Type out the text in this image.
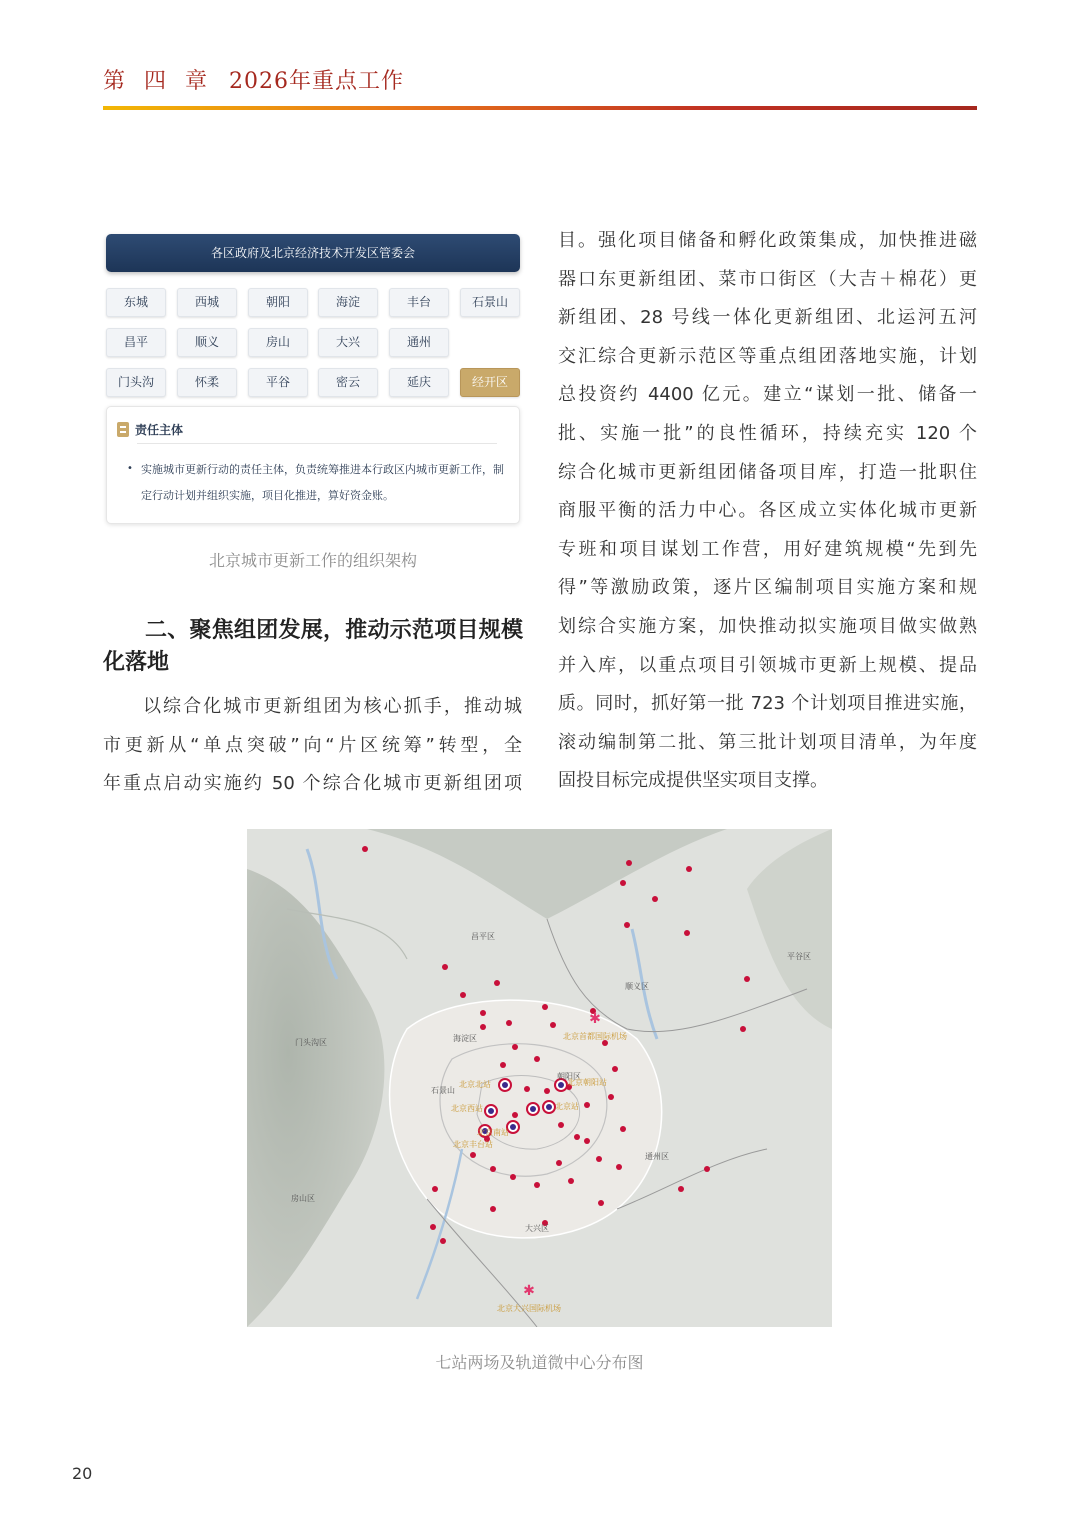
第 四 章 2026年重点工作
各区政府及北京经济技术开发区管委会
东城	西城	朝阳	海淀	丰台	石景山
昌平	顺义	房山	大兴	通州
门头沟	怀柔	平谷	密云	延庆	经开区
责任主体
• 实施城市更新行动的责任主体，负责统筹推进本行政区内城市更新工作，制定行动计划并组织实施，项目化推进，算好资金账。
北京城市更新工作的组织架构
二、聚焦组团发展，推动示范项目规模化落地
以综合化城市更新组团为核心抓手，推动城
市更新从“单点突破”向“片区统筹”转型，全
年重点启动实施约 50 个综合化城市更新组团项
目。强化项目储备和孵化政策集成，加快推进磁
器口东更新组团、菜市口街区（大吉＋棉花）更
新组团、28 号线一体化更新组团、北运河五河
交汇综合更新示范区等重点组团落地实施，计划
总投资约 4400 亿元。建立“谋划一批、储备一
批、实施一批”的良性循环，持续充实 120 个
综合化城市更新组团储备项目库，打造一批职住
商服平衡的活力中心。各区成立实体化城市更新
专班和项目谋划工作营，用好建筑规模“先到先
得”等激励政策，逐片区编制项目实施方案和规
划综合实施方案，加快推动拟实施项目做实做熟
并入库，以重点项目引领城市更新上规模、提品
质。同时，抓好第一批 723 个计划项目推进实施，
滚动编制第二批、第三批计划项目清单，为年度
固投目标完成提供坚实项目支撑。
✱
✱
昌平区
平谷区
顺义区
海淀区
门头沟区
石景山
朝阳区
通州区
房山区
大兴区
北京首都国际机场
北京北站	北京朝阳站
北京西站	北京站
北京南站
北京丰台站
北京大兴国际机场
七站两场及轨道微中心分布图
20
